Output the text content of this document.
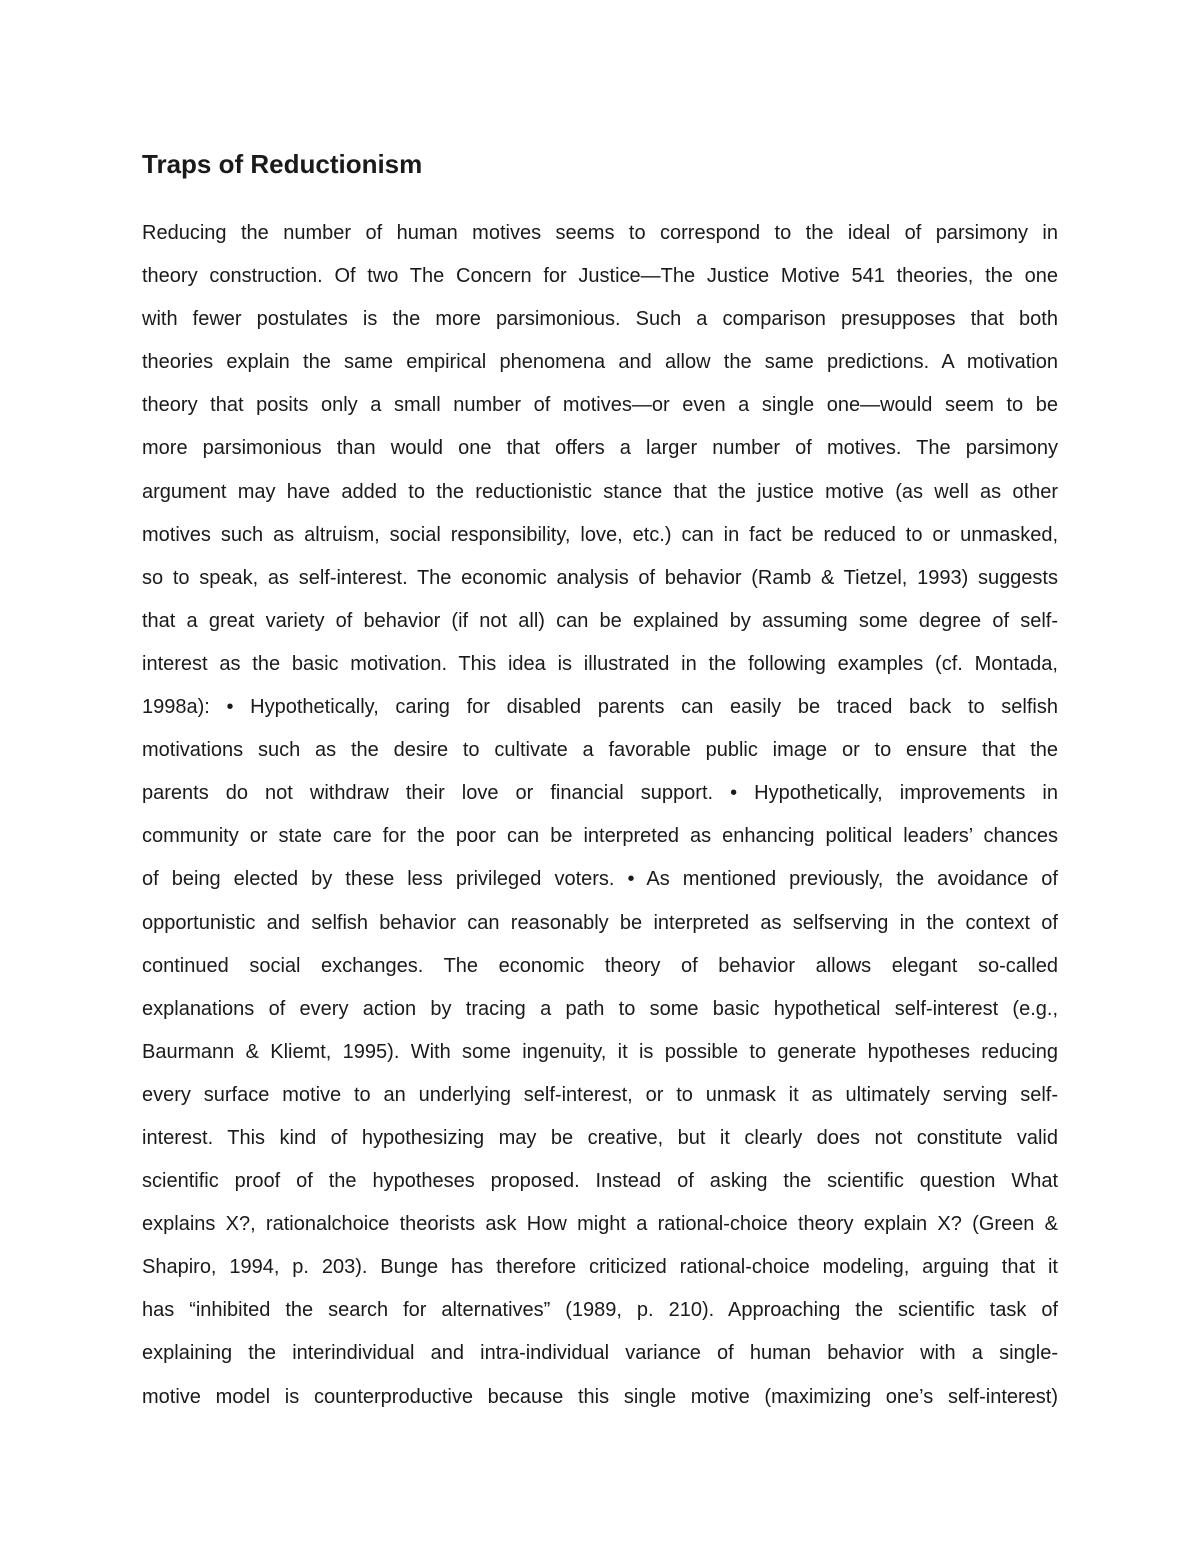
Traps of Reductionism
Reducing the number of human motives seems to correspond to the ideal of parsimony in
theory construction. Of two The Concern for Justice—The Justice Motive 541 theories, the one
with fewer postulates is the more parsimonious. Such a comparison presupposes that both
theories explain the same empirical phenomena and allow the same predictions. A motivation
theory that posits only a small number of motives—or even a single one—would seem to be
more parsimonious than would one that offers a larger number of motives. The parsimony
argument may have added to the reductionistic stance that the justice motive (as well as other
motives such as altruism, social responsibility, love, etc.) can in fact be reduced to or unmasked,
so to speak, as self-interest. The economic analysis of behavior (Ramb & Tietzel, 1993) suggests
that a great variety of behavior (if not all) can be explained by assuming some degree of self-
interest as the basic motivation. This idea is illustrated in the following examples (cf. Montada,
1998a): • Hypothetically, caring for disabled parents can easily be traced back to selfish
motivations such as the desire to cultivate a favorable public image or to ensure that the
parents do not withdraw their love or financial support. • Hypothetically, improvements in
community or state care for the poor can be interpreted as enhancing political leaders’ chances
of being elected by these less privileged voters. • As mentioned previously, the avoidance of
opportunistic and selfish behavior can reasonably be interpreted as selfserving in the context of
continued social exchanges. The economic theory of behavior allows elegant so-called
explanations of every action by tracing a path to some basic hypothetical self-interest (e.g.,
Baurmann & Kliemt, 1995). With some ingenuity, it is possible to generate hypotheses reducing
every surface motive to an underlying self-interest, or to unmask it as ultimately serving self-
interest. This kind of hypothesizing may be creative, but it clearly does not constitute valid
scientific proof of the hypotheses proposed. Instead of asking the scientific question What
explains X?, rationalchoice theorists ask How might a rational-choice theory explain X? (Green &
Shapiro, 1994, p. 203). Bunge has therefore criticized rational-choice modeling, arguing that it
has “inhibited the search for alternatives” (1989, p. 210). Approaching the scientific task of
explaining the interindividual and intra-individual variance of human behavior with a single-
motive model is counterproductive because this single motive (maximizing one’s self-interest)
